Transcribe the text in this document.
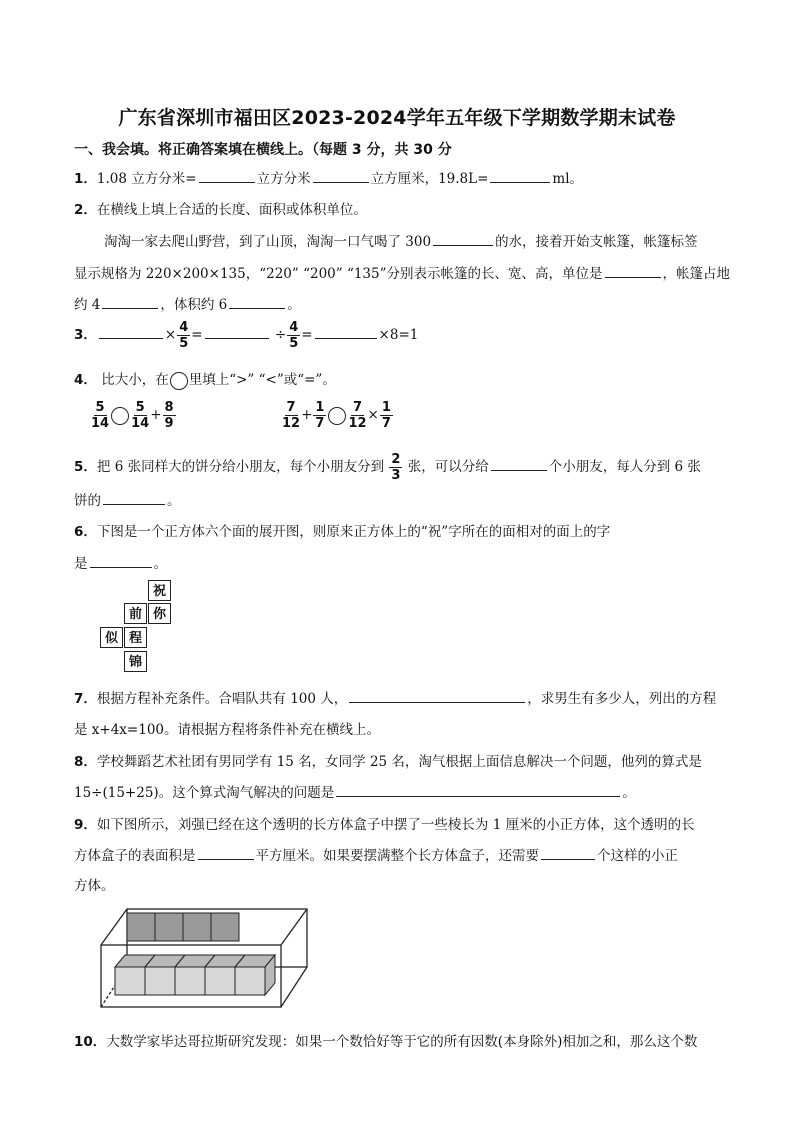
广东省深圳市福田区2023-2024学年五年级下学期数学期末试卷
一、我会填。将正确答案填在横线上。（每题 3 分，共 30 分
1．1.08 立方分米=	立方分米	立方厘米，19.8L=	ml。
2．在横线上填上合适的长度、面积或体积单位。
淘淘一家去爬山野营，到了山顶，淘淘一口气喝了 300	的水，接着开始支帐篷，帐篷标签
显示规格为 220×200×135，“220” “200” “135”分别表示帐篷的长、宽、高，单位是	，帐篷占地
约 4	，体积约 6	。
3．	× $\frac{4}{5}$ =	÷ $\frac{4}{5}$ =	×8=1
4． 比大小，在 里填上“>” “<”或“=”。
$\frac{5}{14} \frac{5}{14} + \frac{8}{9}$	$\frac{7}{12} + \frac{1}{7} \frac{7}{12} \times \frac{1}{7}$
5．把 6 张同样大的饼分给小朋友，每个小朋友分到 $\frac{2}{3}$ 张，可以分给	个小朋友，每人分到 6 张
饼的	。
6．下图是一个正方体六个面的展开图，则原来正方体上的“祝”字所在的面相对的面上的字
是	。
祝
前 你
似 程
锦
7．根据方程补充条件。合唱队共有 100 人，	，求男生有多少人，列出的方程
是 x+4x=100。请根据方程将条件补充在横线上。
8．学校舞蹈艺术社团有男同学有 15 名，女同学 25 名，淘气根据上面信息解决一个问题，他列的算式是
15÷(15+25)。这个算式淘气解决的问题是	。
9．如下图所示，刘强已经在这个透明的长方体盒子中摆了一些棱长为 1 厘米的小正方体，这个透明的长
方体盒子的表面积是	平方厘米。如果要摆满整个长方体盒子，还需要	个这样的小正
方体。
10．大数学家毕达哥拉斯研究发现：如果一个数恰好等于它的所有因数(本身除外)相加之和，那么这个数
